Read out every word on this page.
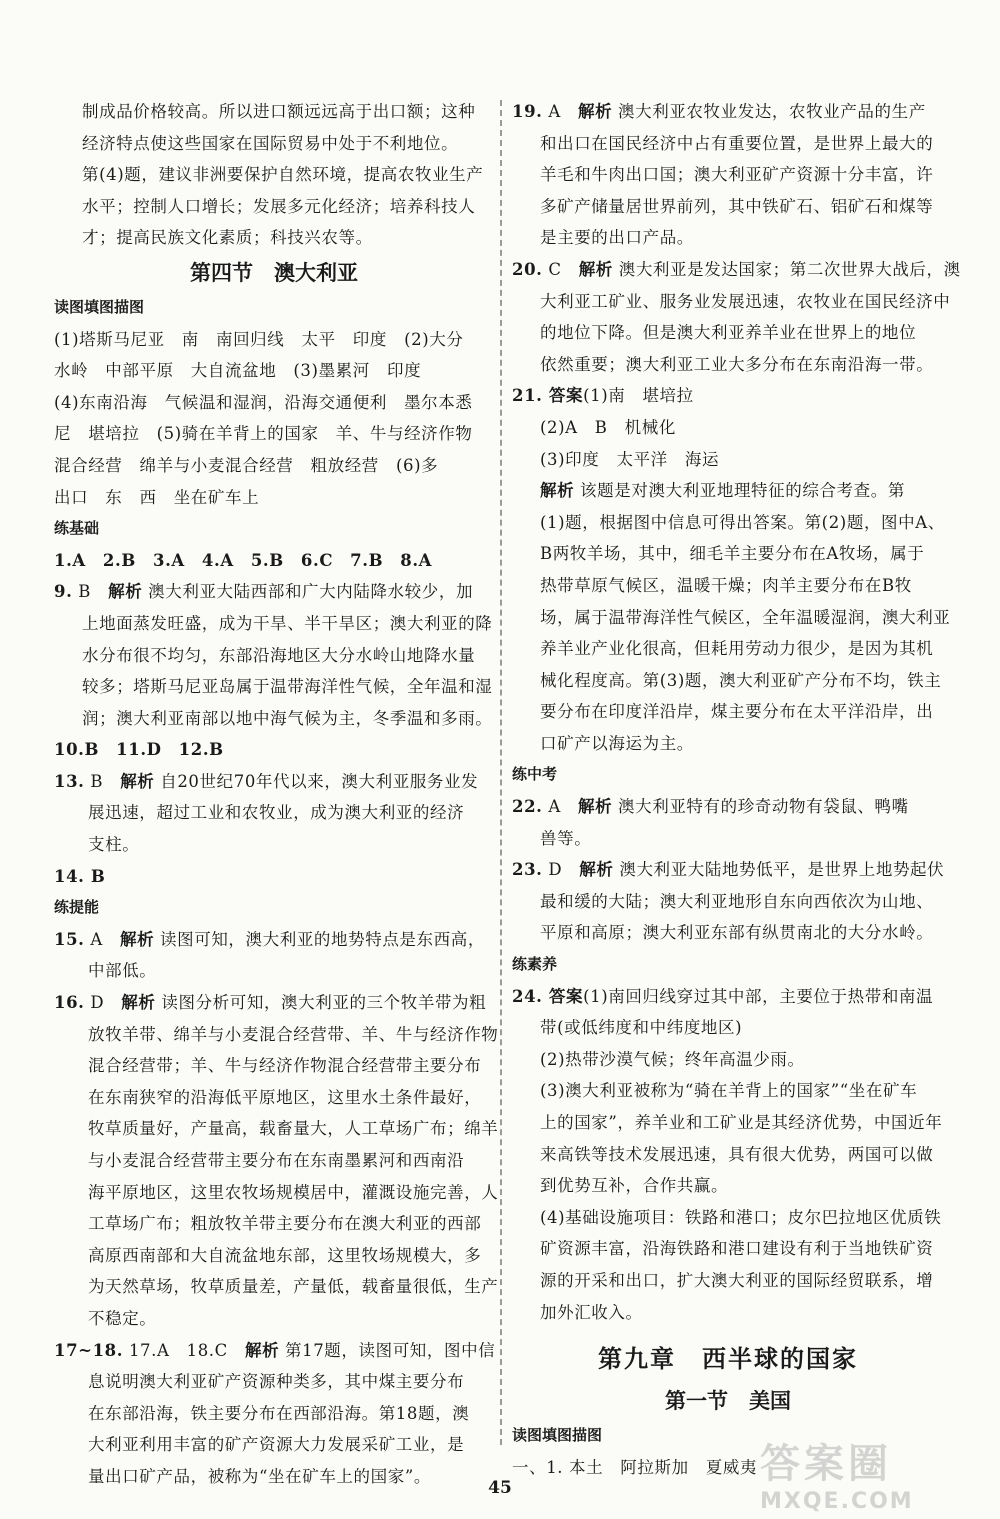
制成品价格较高。所以进口额远远高于出口额；这种
经济特点使这些国家在国际贸易中处于不利地位。
第(4)题，建议非洲要保护自然环境，提高农牧业生产
水平；控制人口增长；发展多元化经济；培养科技人
才；提高民族文化素质；科技兴农等。
第四节　澳大利亚
读图填图描图
(1)塔斯马尼亚　南　南回归线　太平　印度　(2)大分
水岭　中部平原　大自流盆地　(3)墨累河　印度
(4)东南沿海　气候温和湿润，沿海交通便利　墨尔本悉
尼　堪培拉　(5)骑在羊背上的国家　羊、牛与经济作物
混合经营　绵羊与小麦混合经营　粗放经营　(6)多
出口　东　西　坐在矿车上
练基础
1.A　2.B　3.A　4.A　5.B　6.C　7.B　8.A
9. B　解析 澳大利亚大陆西部和广大内陆降水较少，加
上地面蒸发旺盛，成为干旱、半干旱区；澳大利亚的降
水分布很不均匀，东部沿海地区大分水岭山地降水量
较多；塔斯马尼亚岛属于温带海洋性气候，全年温和湿
润；澳大利亚南部以地中海气候为主，冬季温和多雨。
10.B　11.D　12.B
13. B　解析 自20世纪70年代以来，澳大利亚服务业发
展迅速，超过工业和农牧业，成为澳大利亚的经济
支柱。
14. B
练提能
15. A　解析 读图可知，澳大利亚的地势特点是东西高，
中部低。
16. D　解析 读图分析可知，澳大利亚的三个牧羊带为粗
放牧羊带、绵羊与小麦混合经营带、羊、牛与经济作物
混合经营带；羊、牛与经济作物混合经营带主要分布
在东南狭窄的沿海低平原地区，这里水土条件最好，
牧草质量好，产量高，载畜量大，人工草场广布；绵羊
与小麦混合经营带主要分布在东南墨累河和西南沿
海平原地区，这里农牧场规模居中，灌溉设施完善，人
工草场广布；粗放牧羊带主要分布在澳大利亚的西部
高原西南部和大自流盆地东部，这里牧场规模大，多
为天然草场，牧草质量差，产量低，载畜量很低，生产
不稳定。
17~18. 17.A　18.C　解析 第17题，读图可知，图中信
息说明澳大利亚矿产资源种类多，其中煤主要分布
在东部沿海，铁主要分布在西部沿海。第18题，澳
大利亚利用丰富的矿产资源大力发展采矿工业，是
量出口矿产品，被称为“坐在矿车上的国家”。
19. A　解析 澳大利亚农牧业发达，农牧业产品的生产
和出口在国民经济中占有重要位置，是世界上最大的
羊毛和牛肉出口国；澳大利亚矿产资源十分丰富，许
多矿产储量居世界前列，其中铁矿石、铝矿石和煤等
是主要的出口产品。
20. C　解析 澳大利亚是发达国家；第二次世界大战后，澳
大利亚工矿业、服务业发展迅速，农牧业在国民经济中
的地位下降。但是澳大利亚养羊业在世界上的地位
依然重要；澳大利亚工业大多分布在东南沿海一带。
21. 答案(1)南　堪培拉
(2)A　B　机械化
(3)印度　太平洋　海运
解析 该题是对澳大利亚地理特征的综合考查。第
(1)题，根据图中信息可得出答案。第(2)题，图中A、
B两牧羊场，其中，细毛羊主要分布在A牧场，属于
热带草原气候区，温暖干燥；肉羊主要分布在B牧
场，属于温带海洋性气候区，全年温暖湿润，澳大利亚
养羊业产业化很高，但耗用劳动力很少，是因为其机
械化程度高。第(3)题，澳大利亚矿产分布不均，铁主
要分布在印度洋沿岸，煤主要分布在太平洋沿岸，出
口矿产以海运为主。
练中考
22. A　解析 澳大利亚特有的珍奇动物有袋鼠、鸭嘴
兽等。
23. D　解析 澳大利亚大陆地势低平，是世界上地势起伏
最和缓的大陆；澳大利亚地形自东向西依次为山地、
平原和高原；澳大利亚东部有纵贯南北的大分水岭。
练素养
24. 答案(1)南回归线穿过其中部，主要位于热带和南温
带(或低纬度和中纬度地区)
(2)热带沙漠气候；终年高温少雨。
(3)澳大利亚被称为“骑在羊背上的国家”“坐在矿车
上的国家”，养羊业和工矿业是其经济优势，中国近年
来高铁等技术发展迅速，具有很大优势，两国可以做
到优势互补，合作共赢。
(4)基础设施项目：铁路和港口；皮尔巴拉地区优质铁
矿资源丰富，沿海铁路和港口建设有利于当地铁矿资
源的开采和出口，扩大澳大利亚的国际经贸联系，增
加外汇收入。
第九章　西半球的国家
第一节　美国
读图填图描图
一、1. 本土　阿拉斯加　夏威夷
45
答案圈
MXQE.COM
